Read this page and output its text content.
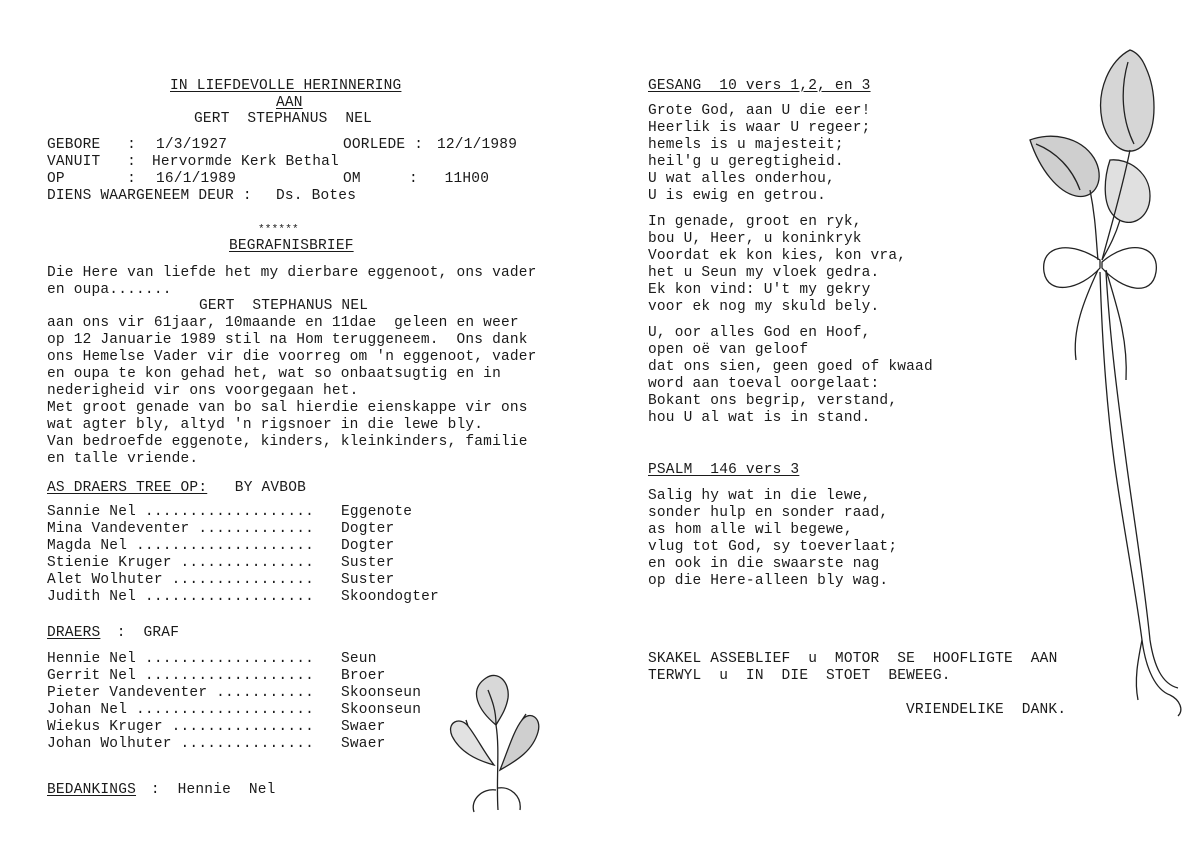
IN LIEFDEVOLLE HERINNERING
AAN
GERT  STEPHANUS  NEL
GEBORE   : 1/3/1927	OORLEDE : 12/1/1989
VANUIT   : Hervormde Kerk Bethal
OP       : 16/1/1989	OM	:   11H00
DIENS WAARGENEEM DEUR : Ds. Botes
******
BEGRAFNISBRIEF
Die Here van liefde het my dierbare eggenoot, ons vader
en oupa.......
GERT  STEPHANUS NEL
aan ons vir 61jaar, 10maande en 11dae  geleen en weer
op 12 Januarie 1989 stil na Hom teruggeneem.  Ons dank
ons Hemelse Vader vir die voorreg om 'n eggenoot, vader
en oupa te kon gehad het, wat so onbaatsugtig en in
nederigheid vir ons voorgegaan het.
Met groot genade van bo sal hierdie eienskappe vir ons
wat agter bly, altyd 'n rigsnoer in die lewe bly.
Van bedroefde eggenote, kinders, kleinkinders, familie
en talle vriende.
AS DRAERS TREE OP: BY AVBOB
Sannie Nel ................... Eggenote
Mina Vandeventer ............. Dogter
Magda Nel .................... Dogter
Stienie Kruger ............... Suster
Alet Wolhuter ................ Suster
Judith Nel ................... Skoondogter
DRAERS
:  GRAF
Hennie Nel ................... Seun
Gerrit Nel ................... Broer
Pieter Vandeventer ........... Skoonseun
Johan Nel .................... Skoonseun
Wiekus Kruger ................ Swaer
Johan Wolhuter ............... Swaer
BEDANKINGS :  Hennie  Nel
GESANG  10 vers 1,2, en 3
Grote God, aan U die eer!
Heerlik is waar U regeer;
hemels is u majesteit;
heil'g u geregtigheid.
U wat alles onderhou,
U is ewig en getrou.
In genade, groot en ryk,
bou U, Heer, u koninkryk
Voordat ek kon kies, kon vra,
het u Seun my vloek gedra.
Ek kon vind: U't my gekry
voor ek nog my skuld bely.
U, oor alles God en Hoof,
open oë van geloof
dat ons sien, geen goed of kwaad
word aan toeval oorgelaat:
Bokant ons begrip, verstand,
hou U al wat is in stand.
PSALM  146 vers 3
Salig hy wat in die lewe,
sonder hulp en sonder raad,
as hom alle wil begewe,
vlug tot God, sy toeverlaat;
en ook in die swaarste nag
op die Here-alleen bly wag.
SKAKEL ASSEBLIEF  u  MOTOR  SE  HOOFLIGTE  AAN
TERWYL  u  IN  DIE  STOET  BEWEEG.
VRIENDELIKE  DANK.
